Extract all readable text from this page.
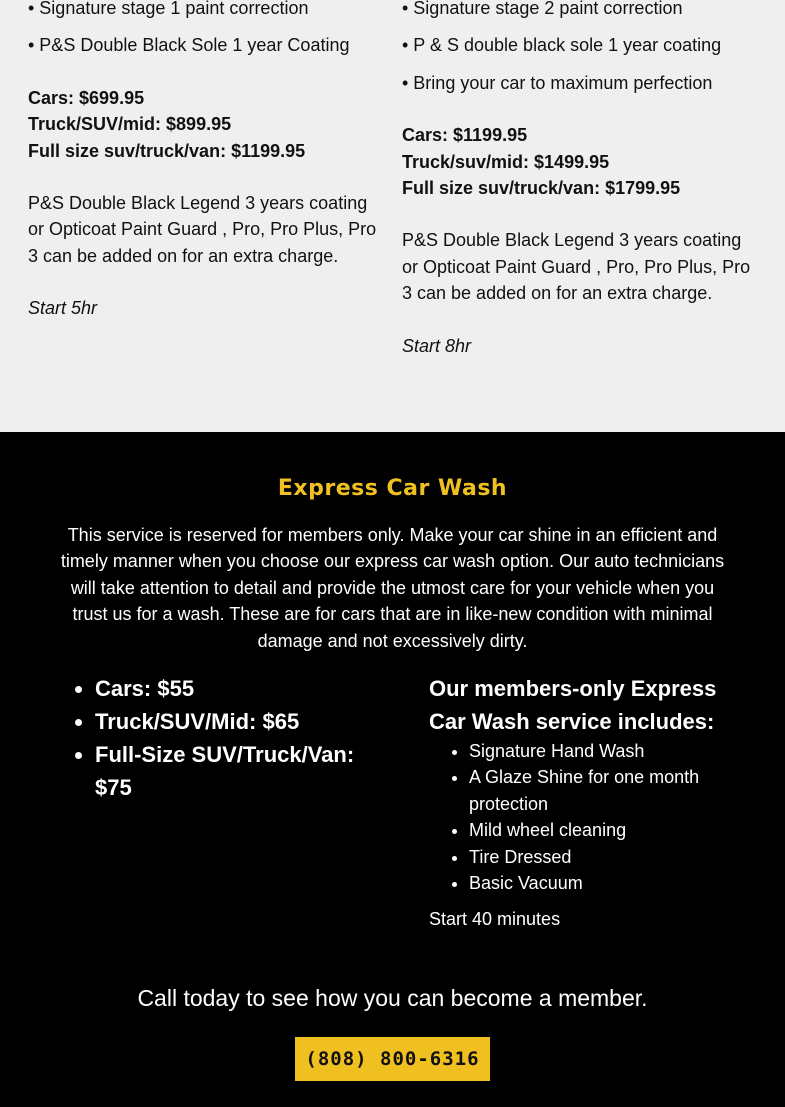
• Signature stage 1 paint correction

• P&S Double Black Sole 1 year Coating

Cars: $699.95

Truck/SUV/mid: $899.95

Full size suv/truck/van: $1199.95

P&S Double Black Legend 3 years coating or Opticoat Paint Guard , Pro, Pro Plus, Pro 3 can be added on for an extra charge.

Start 5hr

• Signature stage 2 paint correction

• P & S double black sole 1 year coating

• Bring your car to maximum perfection

Cars: $1199.95

Truck/suv/mid: $1499.95

Full size suv/truck/van: $1799.95

P&S Double Black Legend 3 years coating or Opticoat Paint Guard , Pro, Pro Plus, Pro 3 can be added on for an extra charge.

Start 8hr

Express Car Wash

This service is reserved for members only. Make your car shine in an efficient and timely manner when you choose our express car wash option. Our auto technicians will take attention to detail and provide the utmost care for your vehicle when you trust us for a wash. These are for cars that are in like-new condition with minimal damage and not excessively dirty.

• Cars: $55
• Truck/SUV/Mid: $65
• Full-Size SUV/Truck/Van: $75

Our members-only Express Car Wash service includes:

• Signature Hand Wash
• A Glaze Shine for one month protection
• Mild wheel cleaning
• Tire Dressed
• Basic Vacuum

Start 40 minutes

Call today to see how you can become a member.

(808) 800-6316
